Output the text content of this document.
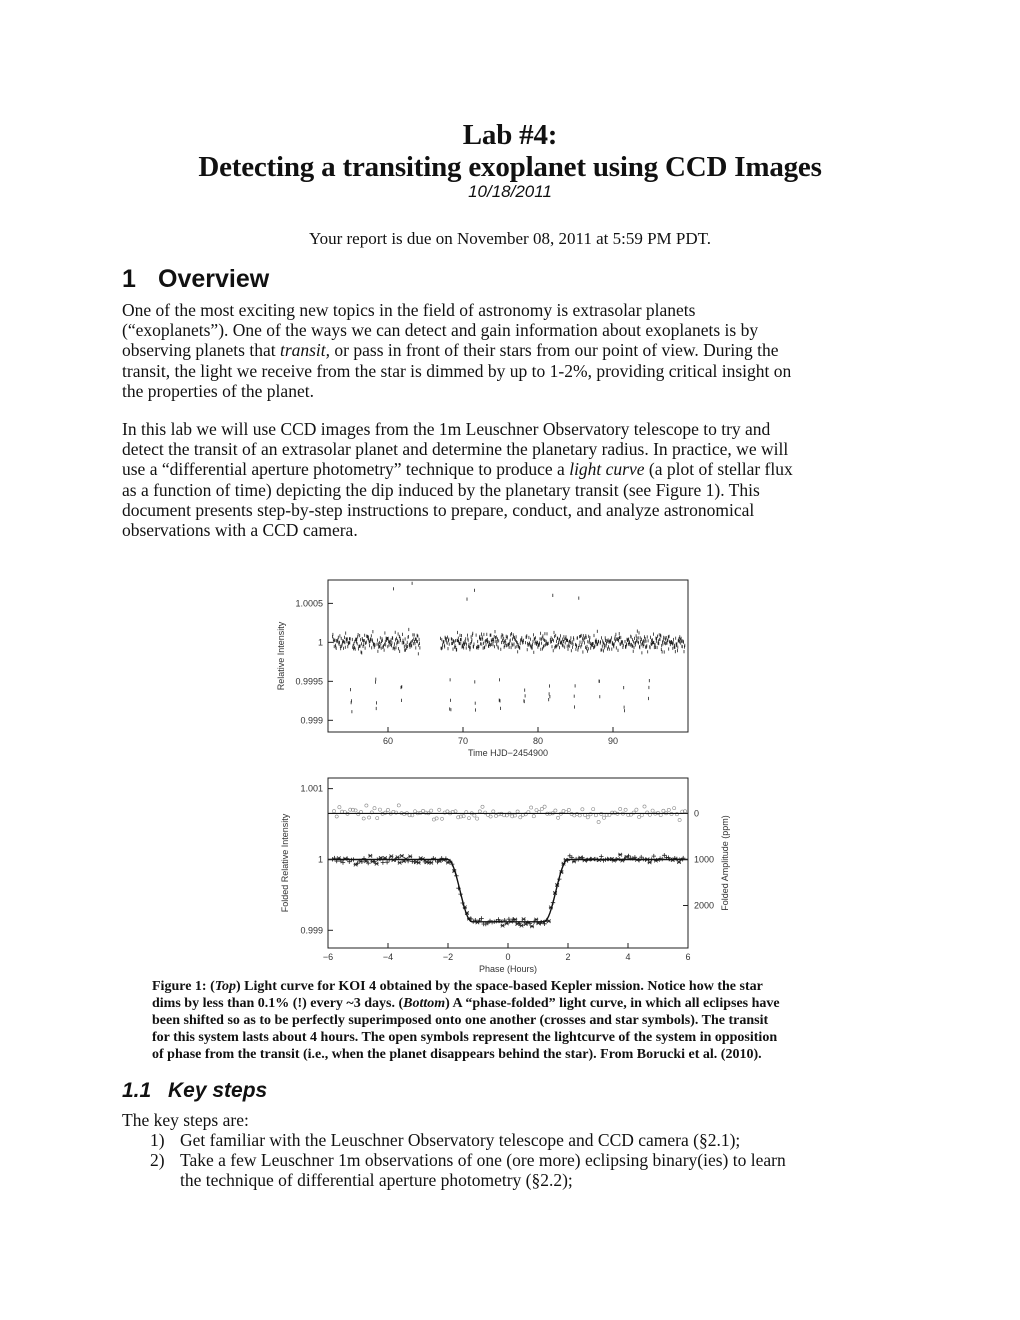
Lab #4:
Detecting a transiting exoplanet using CCD Images
10/18/2011
Your report is due on November 08, 2011 at 5:59 PM PDT.
1 Overview
One of the most exciting new topics in the field of astronomy is extrasolar planets
(“exoplanets”). One of the ways we can detect and gain information about exoplanets is by
observing planets that transit, or pass in front of their stars from our point of view. During the
transit, the light we receive from the star is dimmed by up to 1-2%, providing critical insight on
the properties of the planet.
In this lab we will use CCD images from the 1m Leuschner Observatory telescope to try and
detect the transit of an extrasolar planet and determine the planetary radius. In practice, we will
use a “differential aperture photometry” technique to produce a light curve (a plot of stellar flux
as a function of time) depicting the dip induced by the planetary transit (see Figure 1). This
document presents step-by-step instructions to prepare, conduct, and analyze astronomical
observations with a CCD camera.
60	70	80	90
1.0005
1
0.9995
0.999
Time HJD−2454900
Relative Intensity
−6	−4	−2	0	2	4	6
1.001
1
0.999
0
1000
2000
Phase (Hours)
Folded Relative Intensity	Folded Amplitude (ppm)
Figure 1: (Top) Light curve for KOI 4 obtained by the space-based Kepler mission. Notice how the star
dims by less than 0.1% (!) every ~3 days. (Bottom) A “phase-folded” light curve, in which all eclipses have
been shifted so as to be perfectly superimposed onto one another (crosses and star symbols). The transit
for this system lasts about 4 hours. The open symbols represent the lightcurve of the system in opposition
of phase from the transit (i.e., when the planet disappears behind the star). From Borucki et al. (2010).
1.1 Key steps
The key steps are:
1) Get familiar with the Leuschner Observatory telescope and CCD camera (§2.1);
2) Take a few Leuschner 1m observations of one (ore more) eclipsing binary(ies) to learn
the technique of differential aperture photometry (§2.2);
